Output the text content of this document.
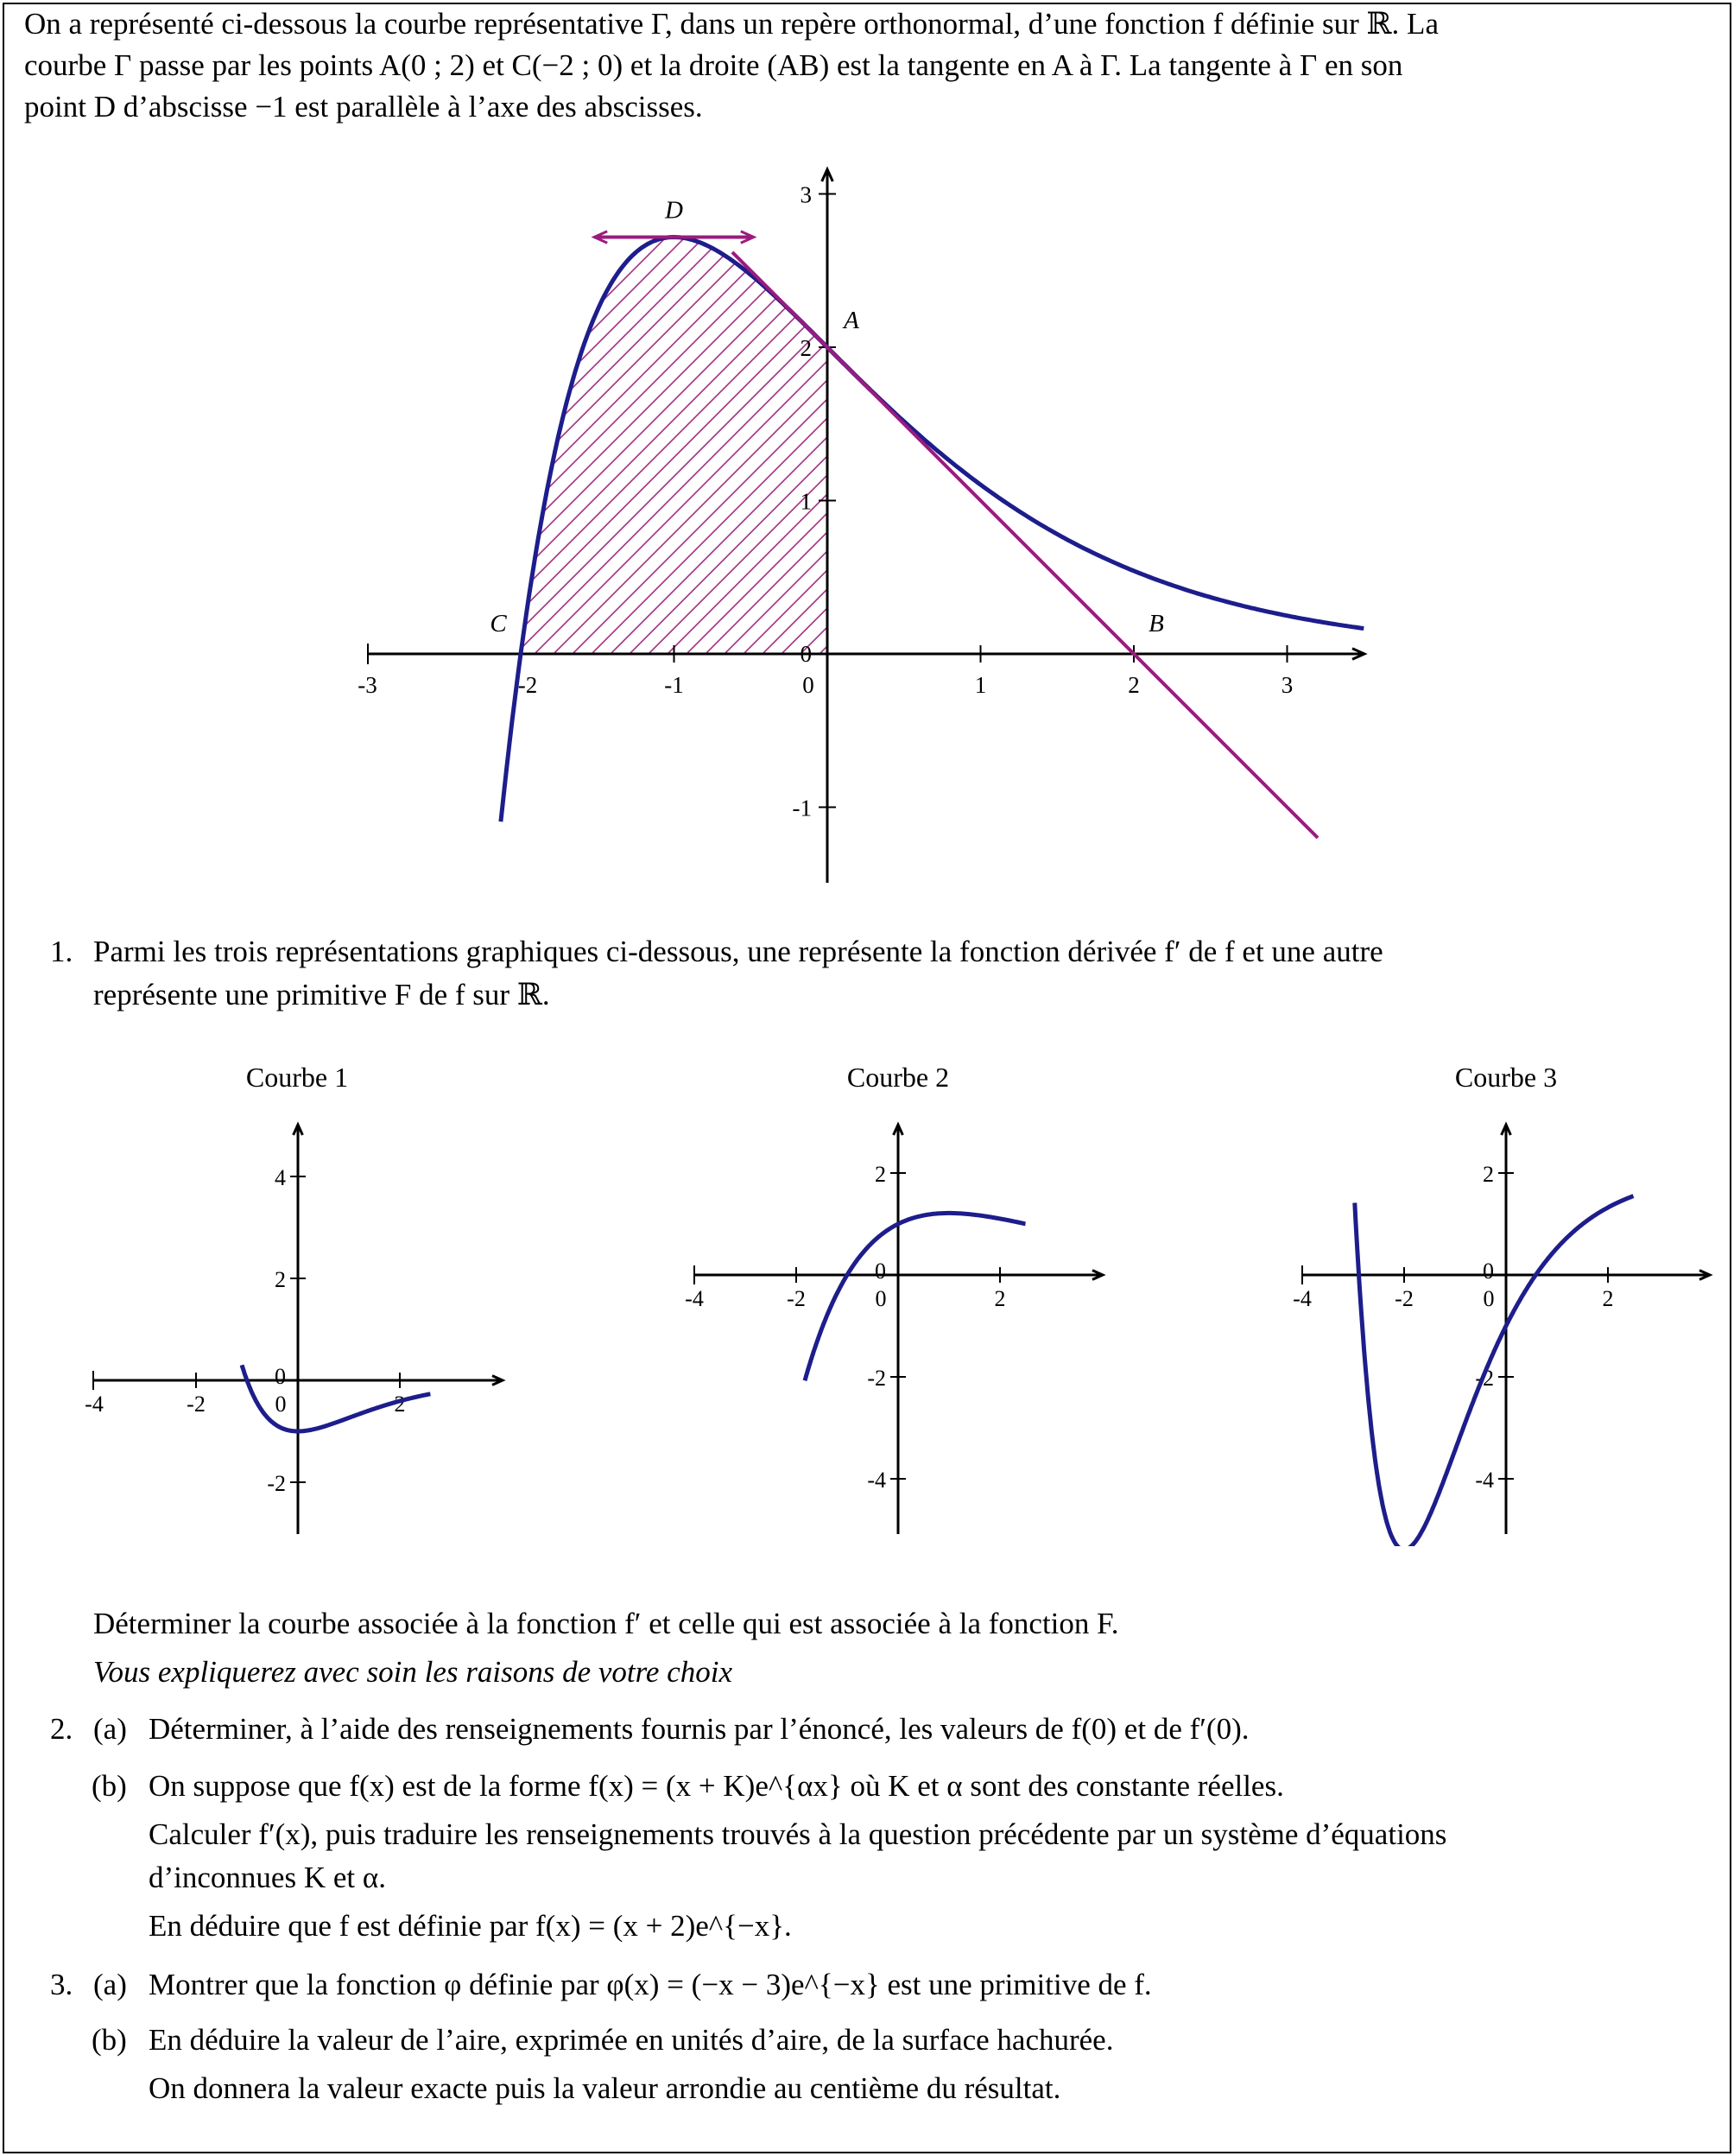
On a représenté ci-dessous la courbe représentative Γ, dans un repère orthonormal, d’une fonction f définie sur ℝ. La
courbe Γ passe par les points A(0 ; 2) et C(−2 ; 0) et la droite (AB) est la tangente en A à Γ. La tangente à Γ en son
point D d’abscisse −1 est parallèle à l’axe des abscisses.
-3	-2	-1	0	1	2	3
-1
0
1
2
3
A
B
C
D
1. Parmi les trois représentations graphiques ci-dessous, une représente la fonction dérivée f′ de f et une autre
représente une primitive F de f sur ℝ.
Courbe 1
-4	-2	0	2
-2
0
2
4
Courbe 2
-4	-2	0	2
-4
-2
0
2
Courbe 3
-4	-2	0	2
-4
-2
0
2
Déterminer la courbe associée à la fonction f′ et celle qui est associée à la fonction F.
Vous expliquerez avec soin les raisons de votre choix
2. (a) Déterminer, à l’aide des renseignements fournis par l’énoncé, les valeurs de f(0) et de f′(0).
(b) On suppose que f(x) est de la forme f(x) = (x + K)e^{αx} où K et α sont des constante réelles.
Calculer f′(x), puis traduire les renseignements trouvés à la question précédente par un système d’équations
d’inconnues K et α.
En déduire que f est définie par f(x) = (x + 2)e^{−x}.
3. (a) Montrer que la fonction φ définie par φ(x) = (−x − 3)e^{−x} est une primitive de f.
(b) En déduire la valeur de l’aire, exprimée en unités d’aire, de la surface hachurée.
On donnera la valeur exacte puis la valeur arrondie au centième du résultat.
